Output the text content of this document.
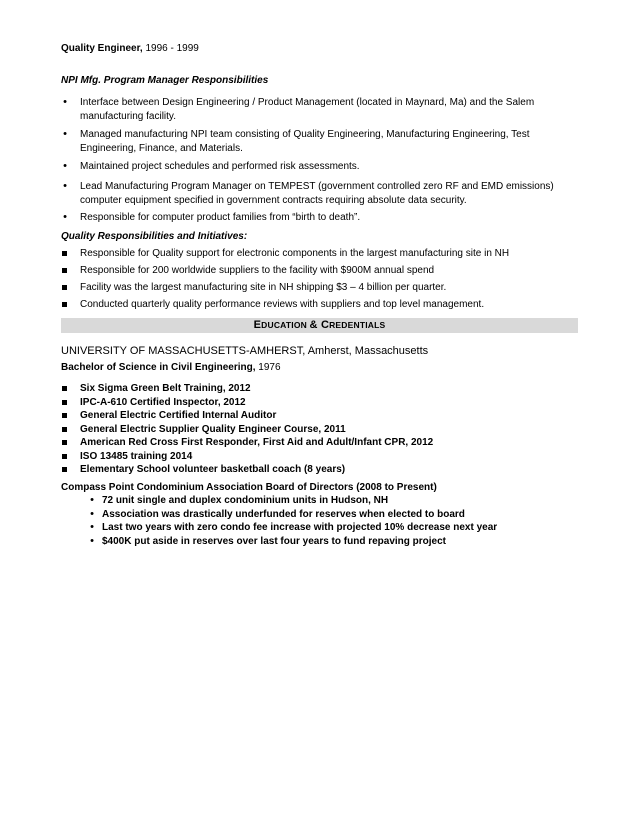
Quality Engineer, 1996 - 1999
NPI Mfg. Program Manager Responsibilities
•
Interface between Design Engineering / Product Management (located in Maynard, Ma) and the Salem
manufacturing facility.
•
Managed manufacturing NPI team consisting of Quality Engineering, Manufacturing Engineering, Test
Engineering, Finance, and Materials.
•
Maintained project schedules and performed risk assessments.
•
Lead Manufacturing Program Manager on TEMPEST (government controlled zero RF and EMD emissions)
computer equipment specified in government contracts requiring absolute data security.
•
Responsible for computer product families from “birth to death”.
Quality Responsibilities and Initiatives:
Responsible for Quality support for electronic components in the largest manufacturing site in NH
Responsible for 200 worldwide suppliers to the facility with $900M annual spend
Facility was the largest manufacturing site in NH shipping $3 – 4 billion per quarter.
Conducted quarterly quality performance reviews with suppliers and top level management.
EDUCATION & CREDENTIALS
UNIVERSITY OF MASSACHUSETTS-AMHERST, Amherst, Massachusetts
Bachelor of Science in Civil Engineering, 1976
Six Sigma Green Belt Training, 2012
IPC-A-610 Certified Inspector, 2012
General Electric Certified Internal Auditor
General Electric Supplier Quality Engineer Course, 2011
American Red Cross First Responder, First Aid and Adult/Infant CPR, 2012
ISO 13485 training 2014
Elementary School volunteer basketball coach (8 years)
Compass Point Condominium Association Board of Directors (2008 to Present)
•
72 unit single and duplex condominium units in Hudson, NH
•
Association was drastically underfunded for reserves when elected to board
•
Last two years with zero condo fee increase with projected 10% decrease next year
•
$400K put aside in reserves over last four years to fund repaving project
